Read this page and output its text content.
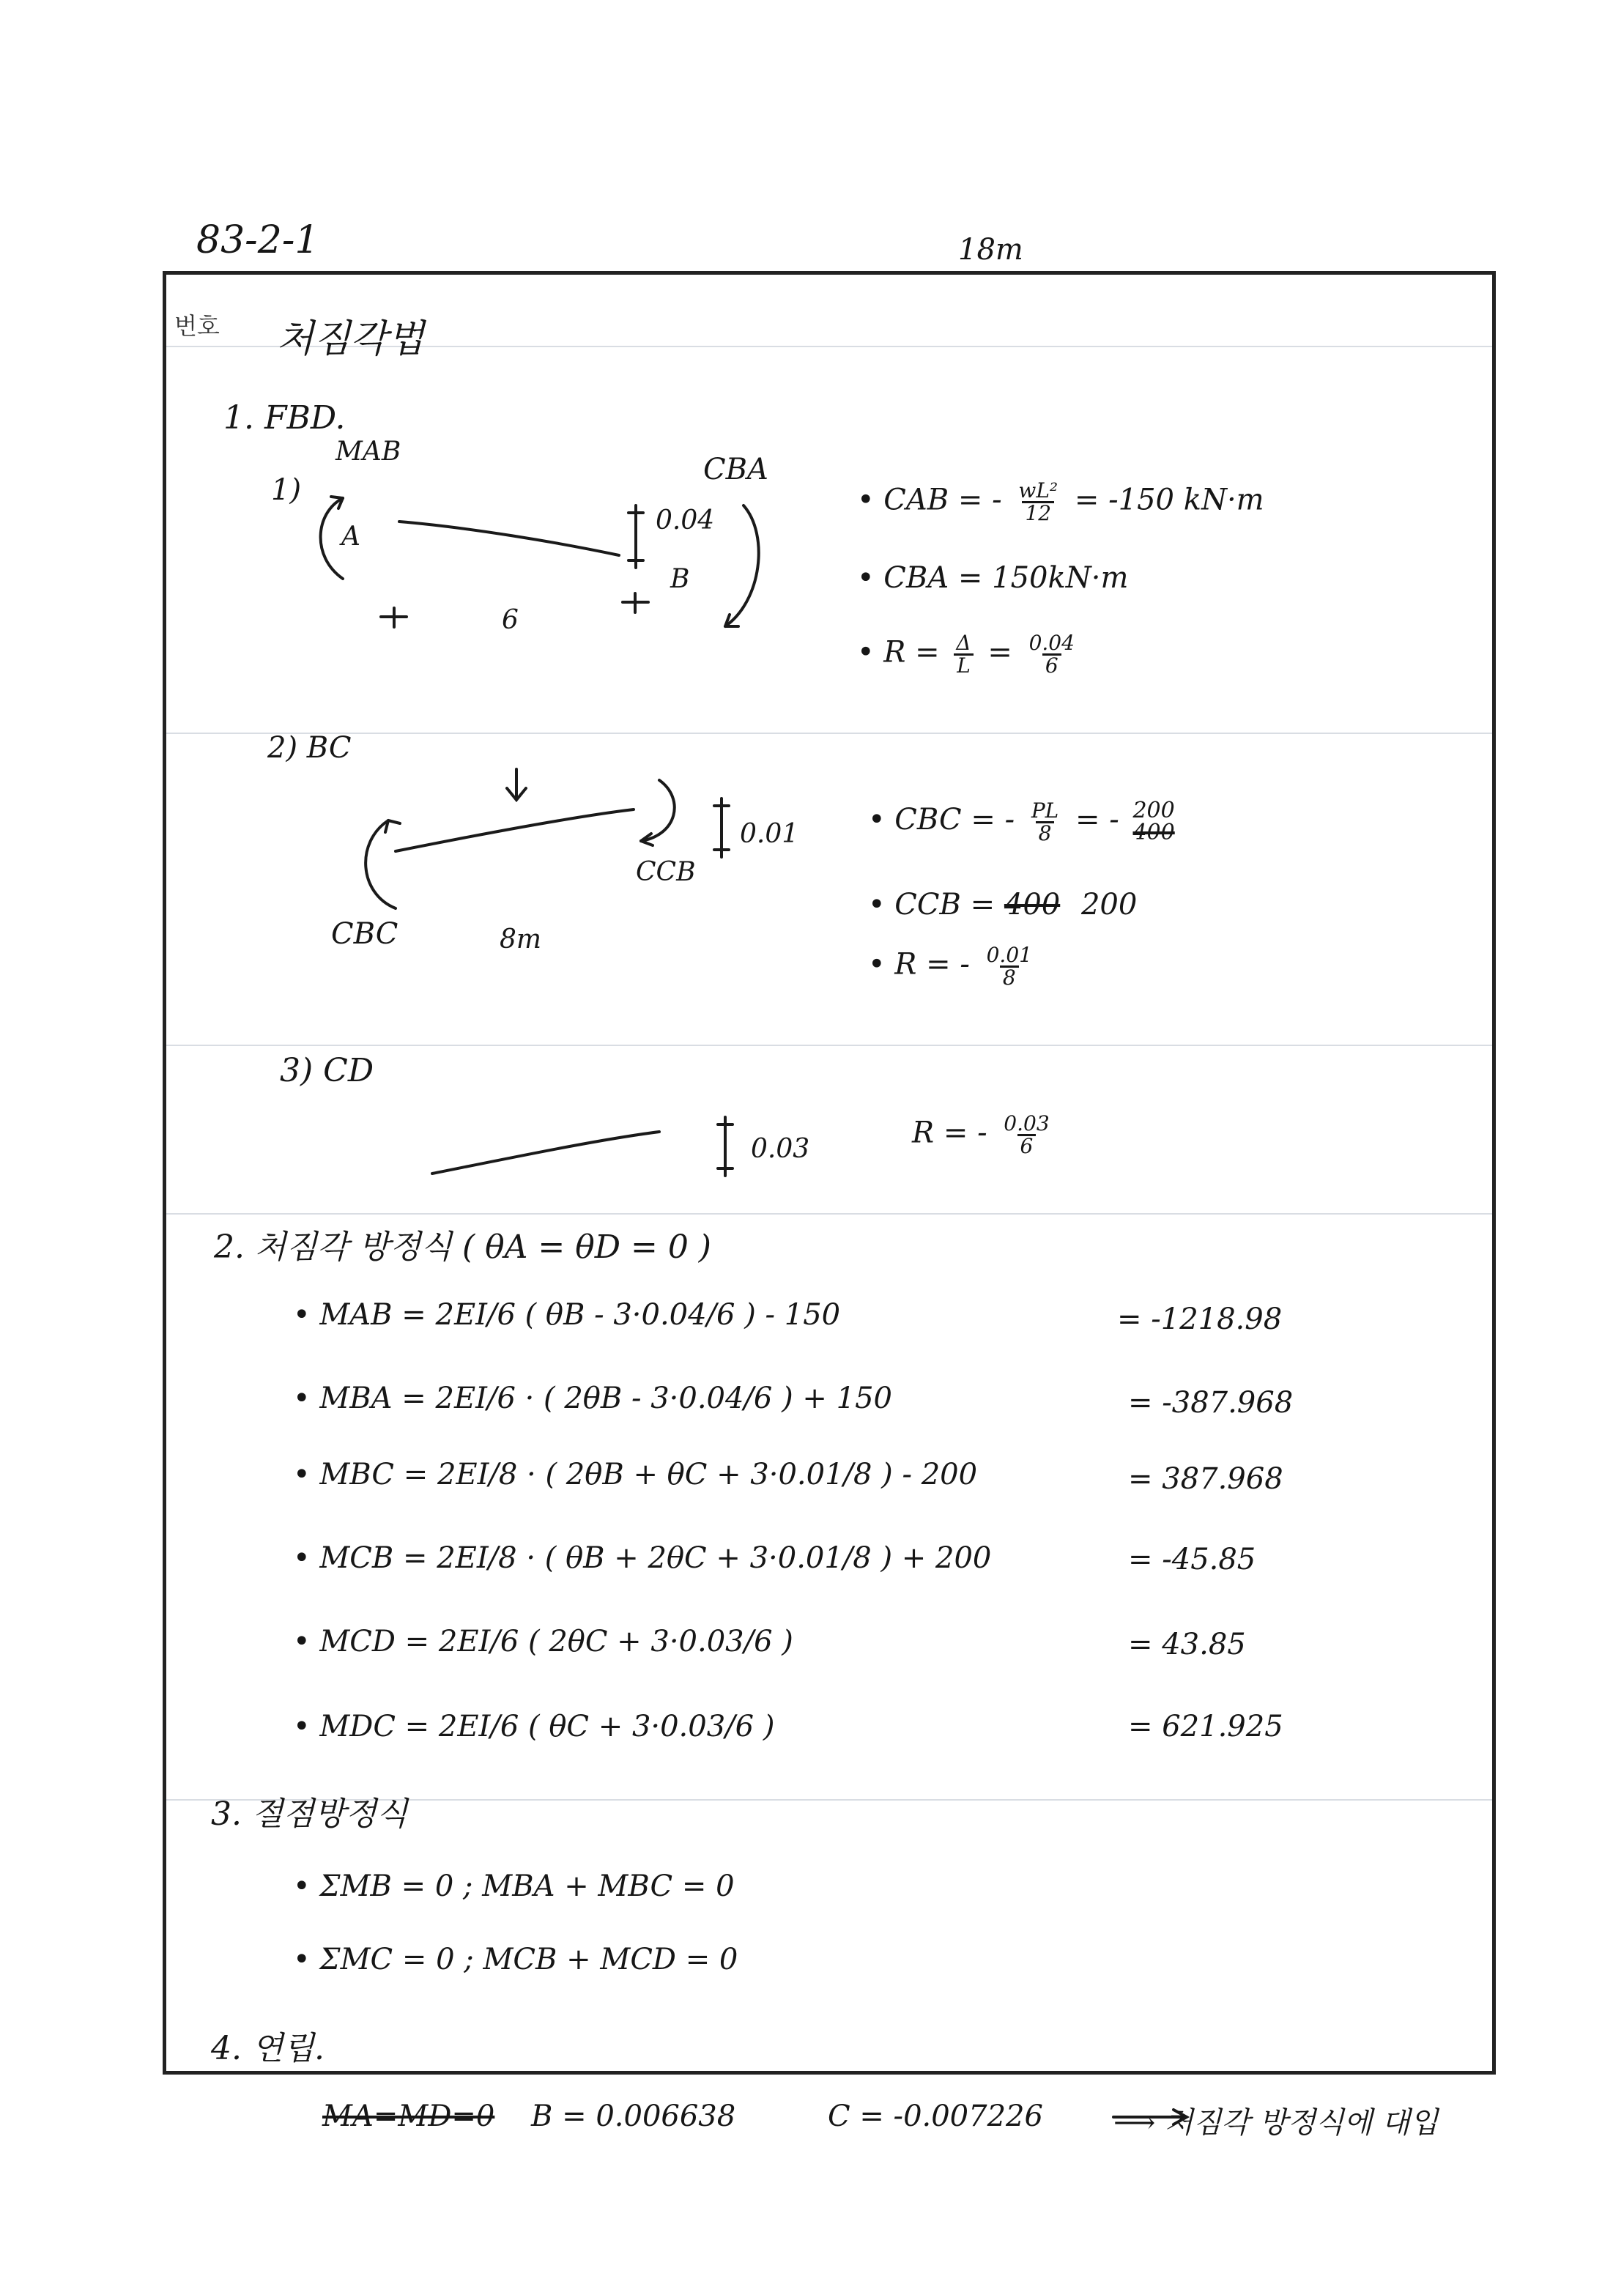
83-2-1	18m
번호 처짐각법
1. FBD.
1)
MAB
A
B
CBA
0.04
6
• CAB = - $\frac{\text{wL²}}{12} = -150$ kN·m
• CBA = 150kN·m
• $R = \frac{\Delta}{L} = \frac{0.04}{6}$
2) BC
CCB
CBC
0.01
8m
• CBC = - $\frac{PL}{8}$ = - 200
400
• CCB = 400 200
• R = - $\frac{0.01}{8}$
3) CD
0.03	R = - $\frac{0.03}{6}$
2. 처짐각 방정식 ( θA = θD = 0 )
• MAB = 2EI/6 ( θB - 3·0.04/6 ) - 150	= -1218.98
• MBA = 2EI/6 · ( 2θB - 3·0.04/6 ) + 150	= -387.968
• MBC = 2EI/8 · ( 2θB + θC + 3·0.01/8 ) - 200	= 387.968
• MCB = 2EI/8 · ( θB + 2θC + 3·0.01/8 ) + 200	= -45.85
• MCD = 2EI/6 ( 2θC + 3·0.03/6 )	= 43.85
• MDC = 2EI/6 ( θC + 3·0.03/6 )	= 621.925
3. 절점방정식
• ΣMB = 0 ; MBA + MBC = 0
• ΣMC = 0 ; MCB + MCD = 0
4. 연립.
MA=MD=0 B = 0.006638	C = -0.007226 ⟶ 처짐각 방정식에 대입
